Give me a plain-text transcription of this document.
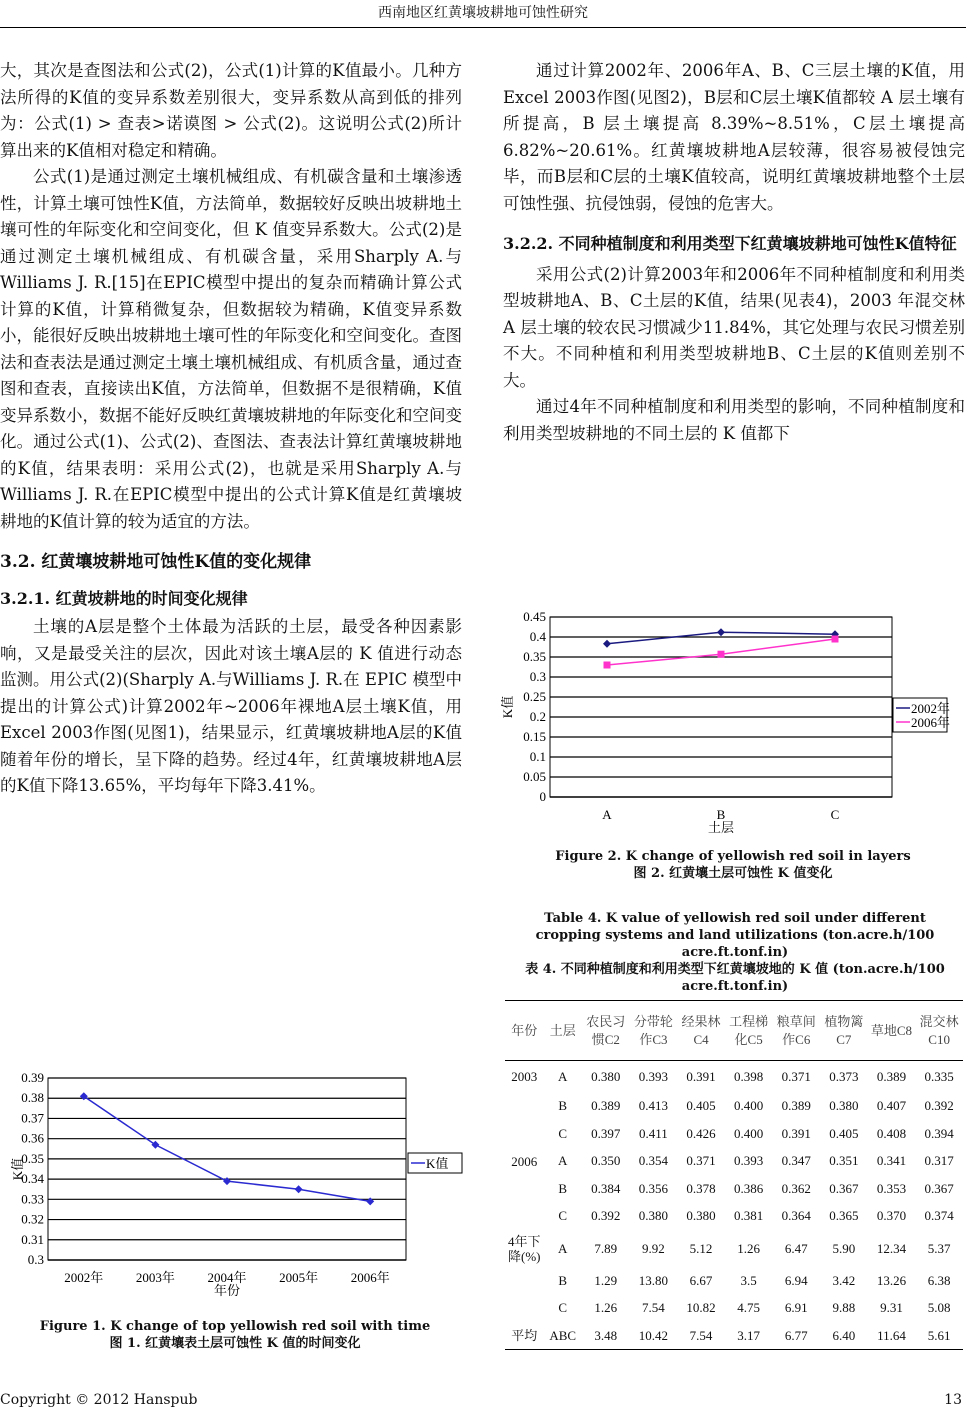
西南地区红黄壤坡耕地可蚀性研究

大，其次是查图法和公式(2)，公式(1)计算的K值最小。几种方法所得的K值的变异系数差别很大，变异系数从高到低的排列为：公式(1) > 查表>诺谟图 > 公式(2)。这说明公式(2)所计算出来的K值相对稳定和精确。

公式(1)是通过测定土壤机械组成、有机碳含量和土壤渗透性，计算土壤可蚀性K值，方法简单，数据较好反映出坡耕地土壤可性的年际变化和空间变化，但 K 值变异系数大。公式(2)是通过测定土壤机械组成、有机碳含量，采用Sharply A.与Williams J. R.[15]在EPIC模型中提出的复杂而精确计算公式计算的K值，计算稍微复杂，但数据较为精确，K值变异系数小，能很好反映出坡耕地土壤可性的年际变化和空间变化。查图法和查表法是通过测定土壤土壤机械组成、有机质含量，通过查图和查表，直接读出K值，方法简单，但数据不是很精确，K值变异系数小，数据不能好反映红黄壤坡耕地的年际变化和空间变化。通过公式(1)、公式(2)、查图法、查表法计算红黄壤坡耕地的K值，结果表明：采用公式(2)，也就是采用Sharply A.与Williams J. R.在EPIC模型中提出的公式计算K值是红黄壤坡耕地的K值计算的较为适宜的方法。

3.2. 红黄壤坡耕地可蚀性K值的变化规律

3.2.1. 红黄坡耕地的时间变化规律

土壤的A层是整个土体最为活跃的土层，最受各种因素影响，又是最受关注的层次，因此对该土壤A层的 K 值进行动态监测。用公式(2)(Sharply A.与Williams J. R.在 EPIC 模型中提出的计算公式)计算2002年~2006年裸地A层土壤K值，用Excel 2003作图(见图1)，结果显示，红黄壤坡耕地A层的K值随着年份的增长，呈下降的趋势。经过4年，红黄壤坡耕地A层的K值下降13.65%，平均每年下降3.41%。

0.3
0.31
0.32
0.33
0.34
0.35
0.36
0.37
0.38
0.39
2002年	2003年	2004年	2005年	2006年
年份
K值	K值
Figure 1. K change of top yellowish red soil with time
图 1. 红黄壤表土层可蚀性 K 值的时间变化

通过计算2002年、2006年A、B、C三层土壤的K值，用Excel 2003作图(见图2)，B层和C层土壤K值都较 A 层土壤有所提高，B 层土壤提高 8.39%~8.51%，C层土壤提高6.82%~20.61%。红黄壤坡耕地A层较薄，很容易被侵蚀完毕，而B层和C层的土壤K值较高，说明红黄壤坡耕地整个土层可蚀性强、抗侵蚀弱，侵蚀的危害大。

3.2.2. 不同种植制度和利用类型下红黄壤坡耕地可蚀性K值特征

采用公式(2)计算2003年和2006年不同种植制度和利用类型坡耕地A、B、C土层的K值，结果(见表4)，2003 年混交林 A 层土壤的较农民习惯减少11.84%，其它处理与农民习惯差别不大。不同种植和利用类型坡耕地B、C土层的K值则差别不大。

通过4年不同种植制度和利用类型的影响，不同种植制度和利用类型坡耕地的不同土层的 K 值都下

0
0.05
0.1
0.15
0.2
0.25
0.3
0.35
0.4
0.45
A	B	C
土层
K值	2002年
2006年
Figure 2. K change of yellowish red soil in layers
图 2. 红黄壤土层可蚀性 K 值变化
Table 4. K value of yellowish red soil under different cropping systems and land utilizations (ton.acre.h/100 acre.ft.tonf.in)
表 4. 不同种植制度和利用类型下红黄壤坡地的 K 值 (ton.acre.h/100 acre.ft.tonf.in)
年份	土层	农民习惯C2	分带轮作C3	经果林C4	工程梯化C5	粮草间作C6	植物篱C7	草地C8	混交林C10
2003	A	0.380	0.393	0.391	0.398	0.371	0.373	0.389	0.335
	B	0.389	0.413	0.405	0.400	0.389	0.380	0.407	0.392
	C	0.397	0.411	0.426	0.400	0.391	0.405	0.408	0.394
2006	A	0.350	0.354	0.371	0.393	0.347	0.351	0.341	0.317
	B	0.384	0.356	0.378	0.386	0.362	0.367	0.353	0.367
	C	0.392	0.380	0.380	0.381	0.364	0.365	0.370	0.374
4年下降(%)	A	7.89	9.92	5.12	1.26	6.47	5.90	12.34	5.37
	B	1.29	13.80	6.67	3.5	6.94	3.42	13.26	6.38
	C	1.26	7.54	10.82	4.75	6.91	9.88	9.31	5.08
平均	ABC	3.48	10.42	7.54	3.17	6.77	6.40	11.64	5.61
Copyright © 2012 Hanspub	13
